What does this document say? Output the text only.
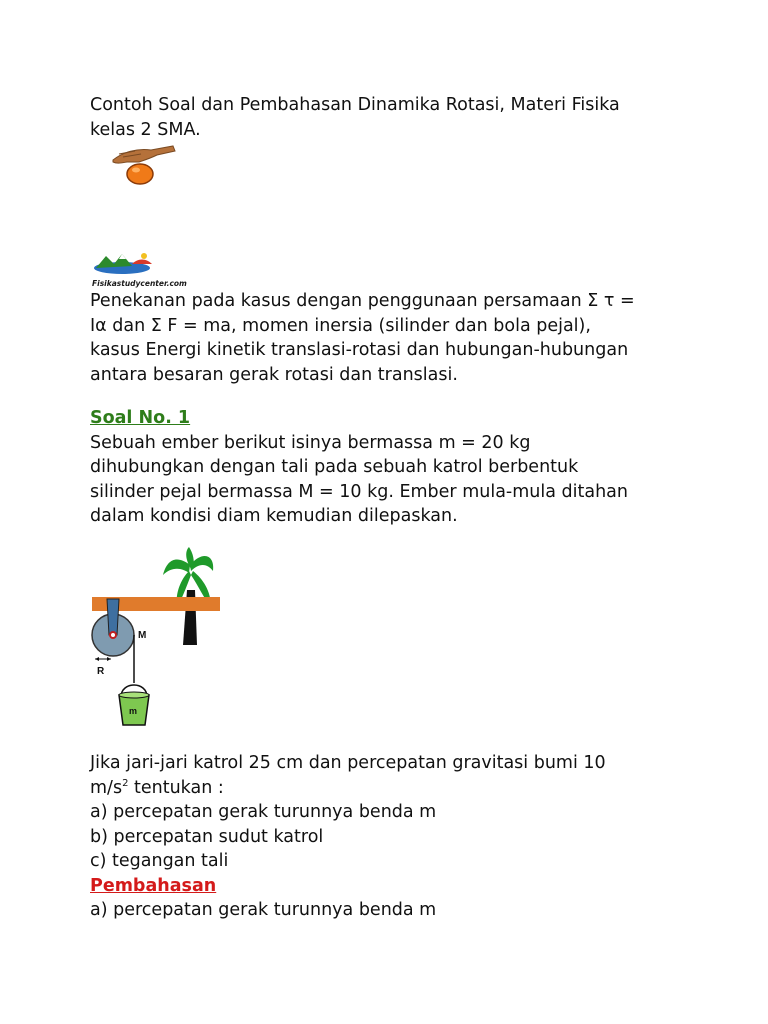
Contoh Soal dan Pembahasan Dinamika Rotasi, Materi Fisika
kelas 2 SMA.

Fisikastudycenter.com

Penekanan pada kasus dengan penggunaan persamaan Σ τ =
Iα dan Σ F = ma, momen inersia (silinder dan bola pejal),
kasus Energi kinetik translasi-rotasi dan hubungan-hubungan
antara besaran gerak rotasi dan translasi.

Soal No. 1
Sebuah ember berikut isinya bermassa m = 20 kg
dihubungkan dengan tali pada sebuah katrol berbentuk
silinder pejal bermassa M = 10 kg. Ember mula-mula ditahan
dalam kondisi diam kemudian dilepaskan.

M
R
m

Jika jari-jari katrol 25 cm dan percepatan gravitasi bumi 10
$m/s^2$ tentukan :
a) percepatan gerak turunnya benda m
b) percepatan sudut katrol
c) tegangan tali
Pembahasan
a) percepatan gerak turunnya benda m
